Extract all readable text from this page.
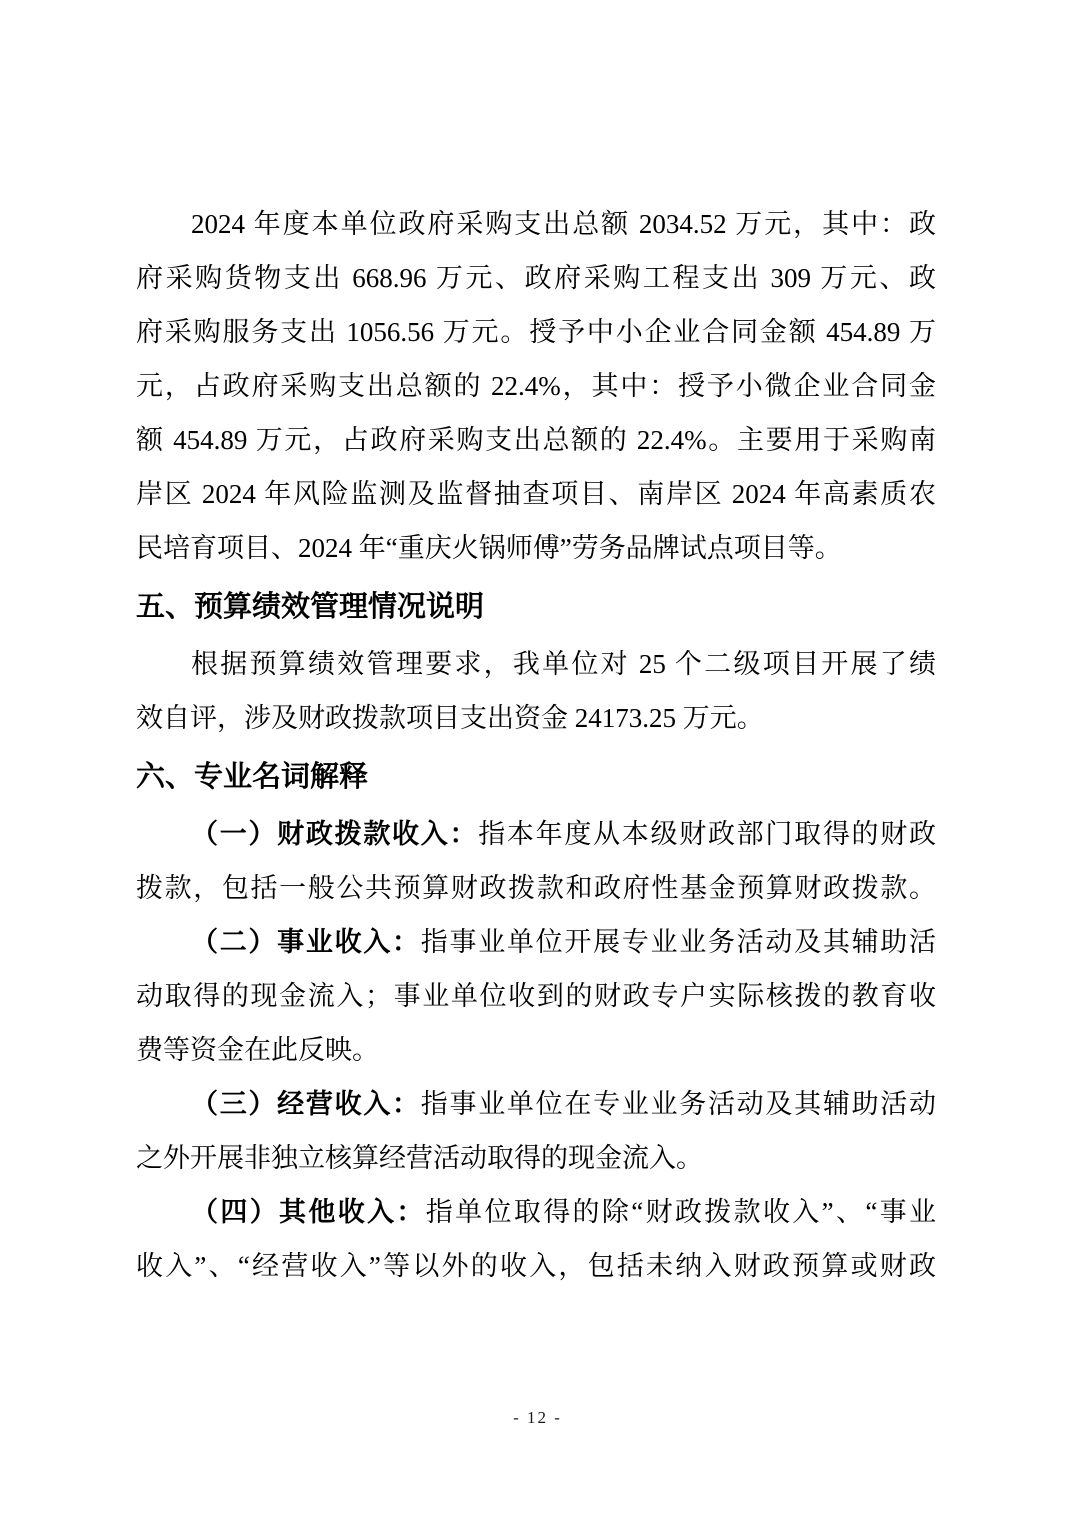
2024 年度本单位政府采购支出总额 2034.52 万元，其中：政
府采购货物支出 668.96 万元、政府采购工程支出 309 万元、政
府采购服务支出 1056.56 万元。授予中小企业合同金额 454.89 万
元，占政府采购支出总额的 22.4%，其中：授予小微企业合同金
额 454.89 万元，占政府采购支出总额的 22.4%。主要用于采购南
岸区 2024 年风险监测及监督抽查项目、南岸区 2024 年高素质农
民培育项目、2024 年“重庆火锅师傅”劳务品牌试点项目等。
五、预算绩效管理情况说明
根据预算绩效管理要求，我单位对 25 个二级项目开展了绩
效自评，涉及财政拨款项目支出资金 24173.25 万元。
六、专业名词解释
（一）财政拨款收入：指本年度从本级财政部门取得的财政
拨款，包括一般公共预算财政拨款和政府性基金预算财政拨款。
（二）事业收入：指事业单位开展专业业务活动及其辅助活
动取得的现金流入；事业单位收到的财政专户实际核拨的教育收
费等资金在此反映。
（三）经营收入：指事业单位在专业业务活动及其辅助活动
之外开展非独立核算经营活动取得的现金流入。
（四）其他收入：指单位取得的除“财政拨款收入”、“事业
收入”、“经营收入”等以外的收入，包括未纳入财政预算或财政
- 12 -
